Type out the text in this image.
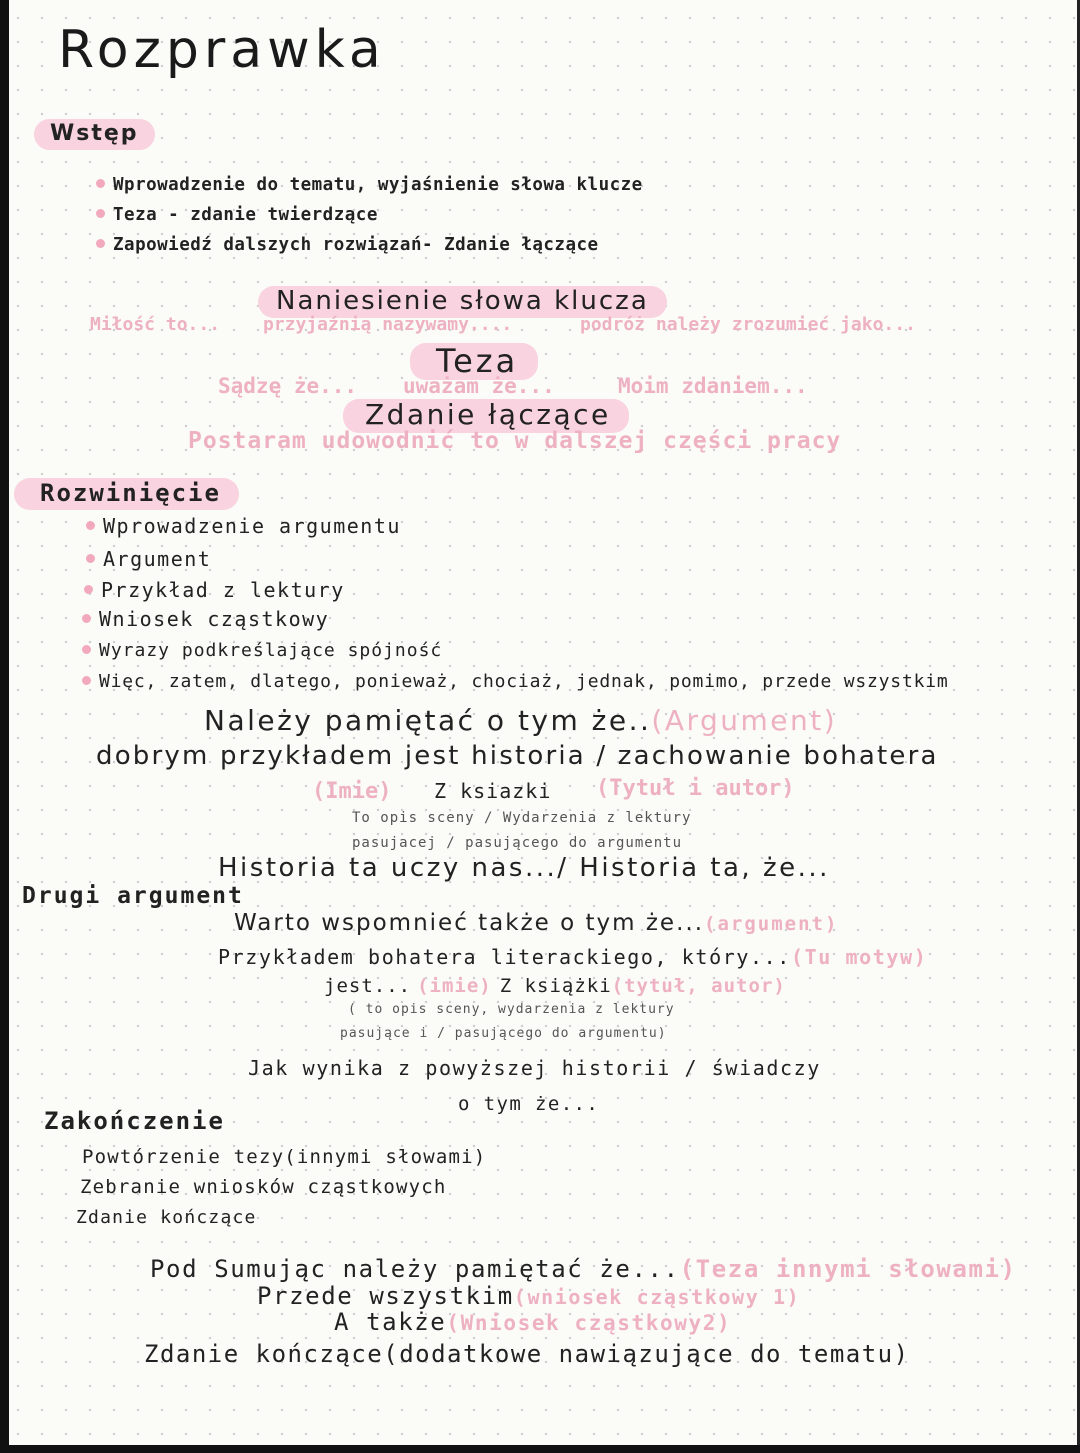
Rozprawka
Wstęp
Wprowadzenie do tematu, wyjaśnienie słowa klucze
Teza - zdanie twierdzące
Zapowiedź dalszych rozwiązań- Zdanie łączące
Naniesienie słowa klucza
Miłość to... przyjaźnią nazywamy....	podróż należy zrozumieć jako...
Teza
Sądzę że... uważam że...	Moim zdaniem...
Zdanie łączące
Postaram udowodnić to w dalszej części pracy
Rozwinięcie
Wprowadzenie argumentu
Argument
Przykład z lektury
Wniosek cząstkowy
Wyrazy podkreślające spójność
Więc, zatem, dlatego, ponieważ, chociaż, jednak, pomimo, przede wszystkim
Należy pamiętać o tym że..(Argument)
dobrym przykładem jest historia / zachowanie bohatera
(Imie) Z ksiazki (Tytuł i autor)
To opis sceny / Wydarzenia z lektury
pasujacej / pasującego do argumentu
Historia ta uczy nas.../ Historia ta, że...
Drugi argument
Warto wspomnieć także o tym że...(argument)
Przykładem bohatera literackiego, który...(Tu motyw)
jest... (imie) Z książki(tytuł, autor)
( to opis sceny, wydarzenia z lektury
pasujące i / pasującego do argumentu)
Jak wynika z powyższej historii / świadczy
o tym że...
Zakończenie
Powtórzenie tezy(innymi słowami)
Zebranie wniosków cząstkowych
Zdanie kończące
Pod Sumując należy pamiętać że...(Teza innymi słowami)
Przede wszystkim(wniosek cząstkowy 1)
A także(Wniosek cząstkowy2)
Zdanie kończące(dodatkowe nawiązujące do tematu)
